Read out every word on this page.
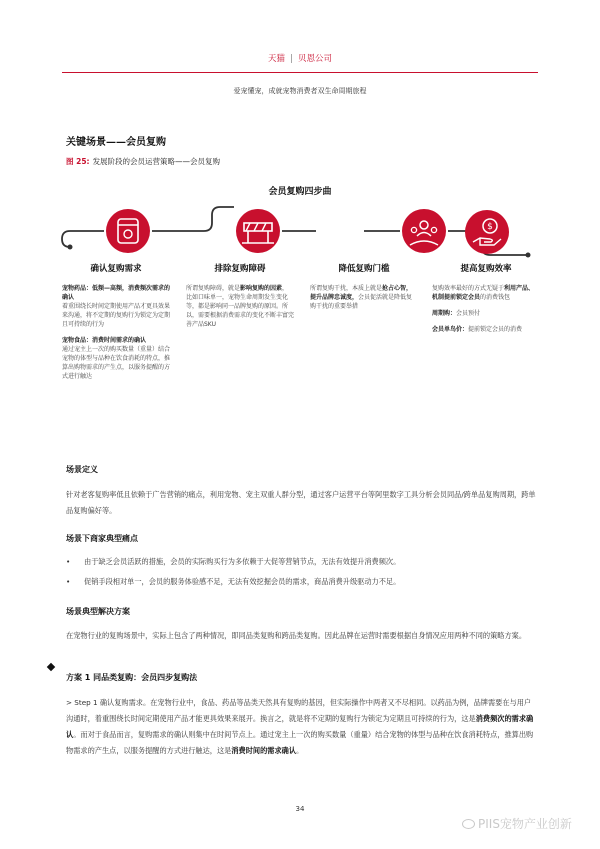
天猫 | 贝恩公司
爱宠懂宠，成就宠物消费者双生命周期旅程
关键场景——会员复购
图 25: 发展阶段的会员运营策略——会员复购
会员复购四步曲
$
确认复购需求
宠物药品：低频—高频，消费频次需求的确认
着重围绕长时间定期使用产品才更具效果来沟通，将不定期的复购行为锁定为定期且可持续的行为
宠物食品：消费时间需求的确认
通过宠主上一次的购买数量（重量）结合宠物的体型与品种在饮食消耗的特点，推算出购物需求的产生点，以服务提醒的方式进行触达
排除复购障碍
所谓复购障碍，就是影响复购的因素，比如口味单一，宠物生命周期发生变化等，都是影响同一品牌复购的原因。所以，需要根据消费需求的变化不断丰富完善产品SKU
降低复购门槛
所谓复购干扰，本质上就是抢占心智，提升品牌忠诚度，会员促活就是降低复购干扰的重要举措
提高复购效率
复购效率最好的方式无疑于利用产品、机制提前锁定会员的消费钱包
周期购：会员预付
会员单鸟价：提前锁定会员的消费
场景定义
针对老客复购率低且依赖于广告营销的痛点，利用宠物、宠主双重人群分型，通过客户运营平台等阿里数字工具分析会员同品/跨单品复购周期，跨单品复购偏好等。
场景下商家典型痛点
• 由于缺乏会员活跃的措施，会员的实际购买行为多依赖于大促等营销节点，无法有效提升消费频次。
• 促销手段相对单一，会员的服务体验感不足，无法有效挖掘会员的需求，商品消费升级驱动力不足。
场景典型解决方案
在宠物行业的复购场景中，实际上包含了两种情况，即同品类复购和跨品类复购。因此品牌在运营时需要根据自身情况应用两种不同的策略方案。
方案 1 同品类复购：会员四步复购法
> Step 1 确认复购需求。在宠物行业中，食品、药品等品类天然具有复购的基因，但实际操作中两者又不尽相同。以药品为例，品牌需要在与用户沟通时，着重围绕长时间定期使用产品才能更具效果来展开。换言之，就是将不定期的复购行为锁定为定期且可持续的行为，这是消费频次的需求确认。而对于食品而言，复购需求的确认则集中在时间节点上。通过宠主上一次的购买数量（重量）结合宠物的体型与品种在饮食消耗特点，推算出购物需求的产生点，以服务提醒的方式进行触达，这是消费时间的需求确认。
34
PIIS宠物产业创新
